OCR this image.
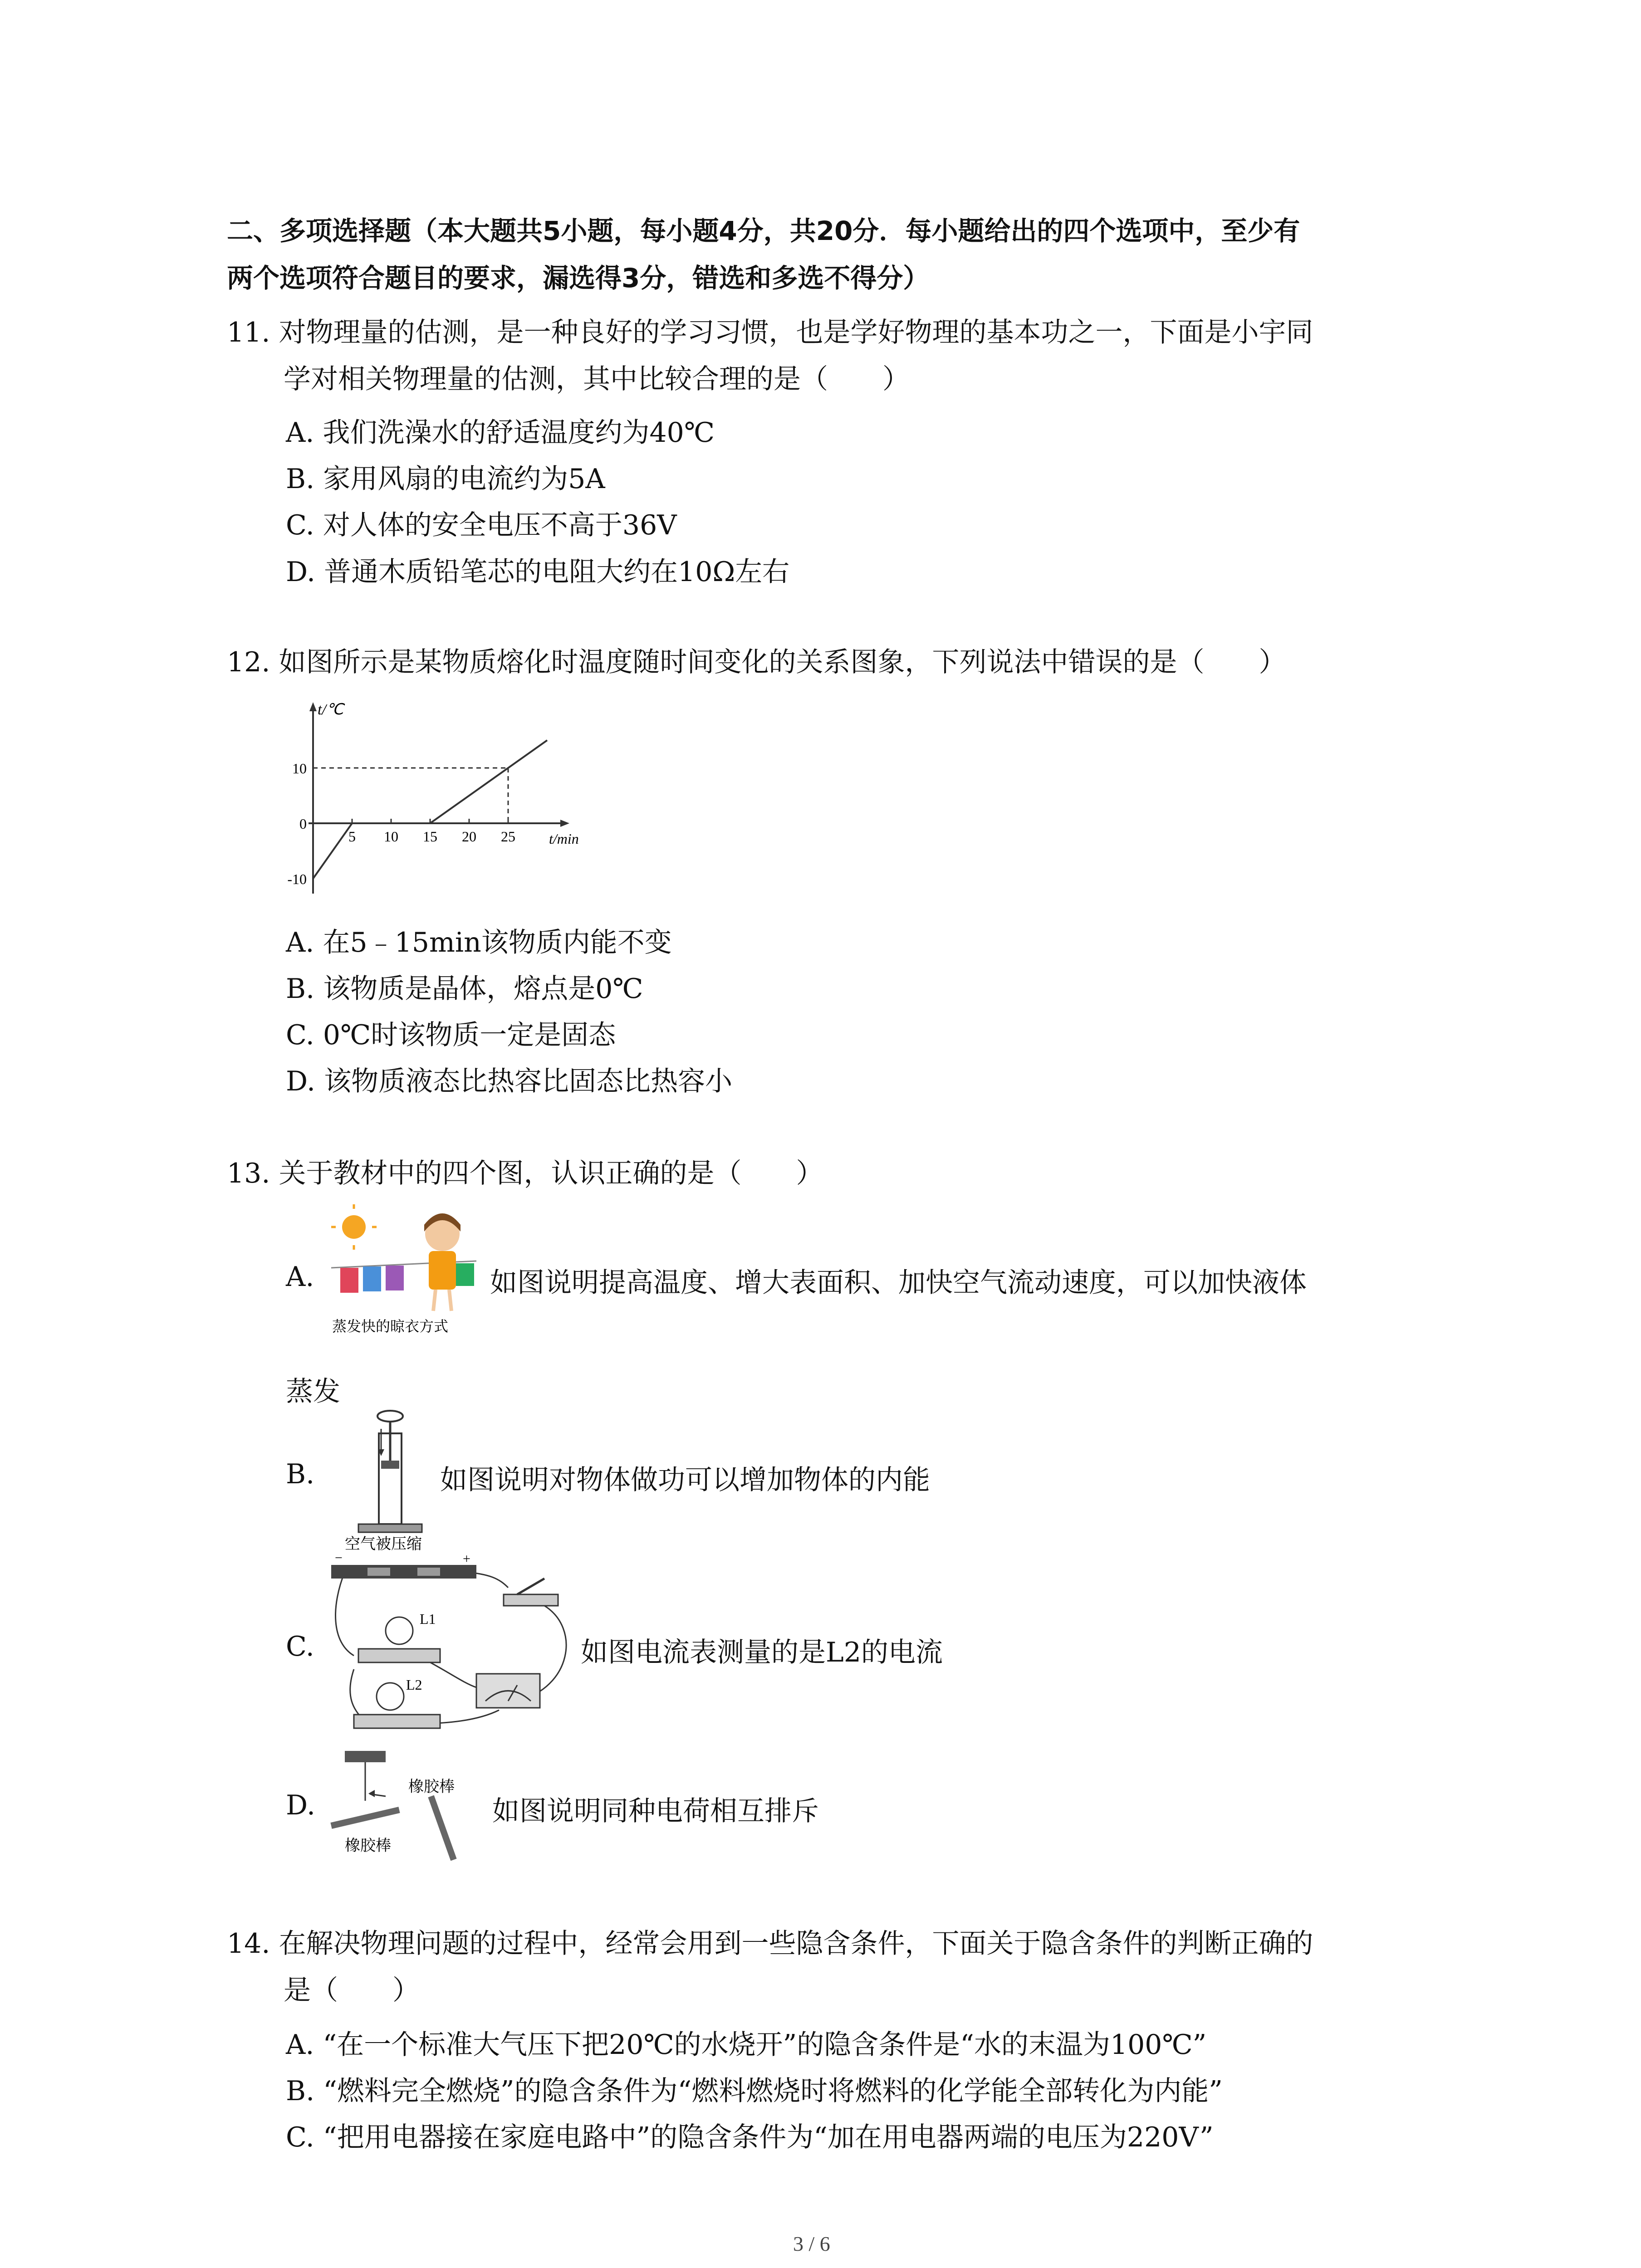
二、多项选择题（本大题共5小题，每小题4分，共20分．每小题给出的四个选项中，至少有
两个选项符合题目的要求，漏选得3分，错选和多选不得分）
11. 对物理量的估测，是一种良好的学习习惯，也是学好物理的基本功之一，下面是小宇同
学对相关物理量的估测，其中比较合理的是（　　）
A. 我们洗澡水的舒适温度约为40℃
B. 家用风扇的电流约为5A
C. 对人体的安全电压不高于36V
D. 普通木质铅笔芯的电阻大约在10Ω左右
12. 如图所示是某物质熔化时温度随时间变化的关系图象，下列说法中错误的是（　　）
t/℃
t/min
5 10 15 20 25
10
0
-10
A. 在5﹣15min该物质内能不变
B. 该物质是晶体，熔点是0℃
C. 0℃时该物质一定是固态
D. 该物质液态比热容比固态比热容小
13. 关于教材中的四个图，认识正确的是（　　）
A.
蒸发快的晾衣方式
如图说明提高温度、增大表面积、加快空气流动速度，可以加快液体
蒸发
B.
空气被压缩
如图说明对物体做功可以增加物体的内能
C.
−	+
L1
L2
如图电流表测量的是L2的电流
D.
橡胶棒
橡胶棒
如图说明同种电荷相互排斥
14. 在解决物理问题的过程中，经常会用到一些隐含条件，下面关于隐含条件的判断正确的
是（　　）
A. “在一个标准大气压下把20℃的水烧开”的隐含条件是“水的末温为100℃”
B. “燃料完全燃烧”的隐含条件为“燃料燃烧时将燃料的化学能全部转化为内能”
C. “把用电器接在家庭电路中”的隐含条件为“加在用电器两端的电压为220V”
3 / 6
